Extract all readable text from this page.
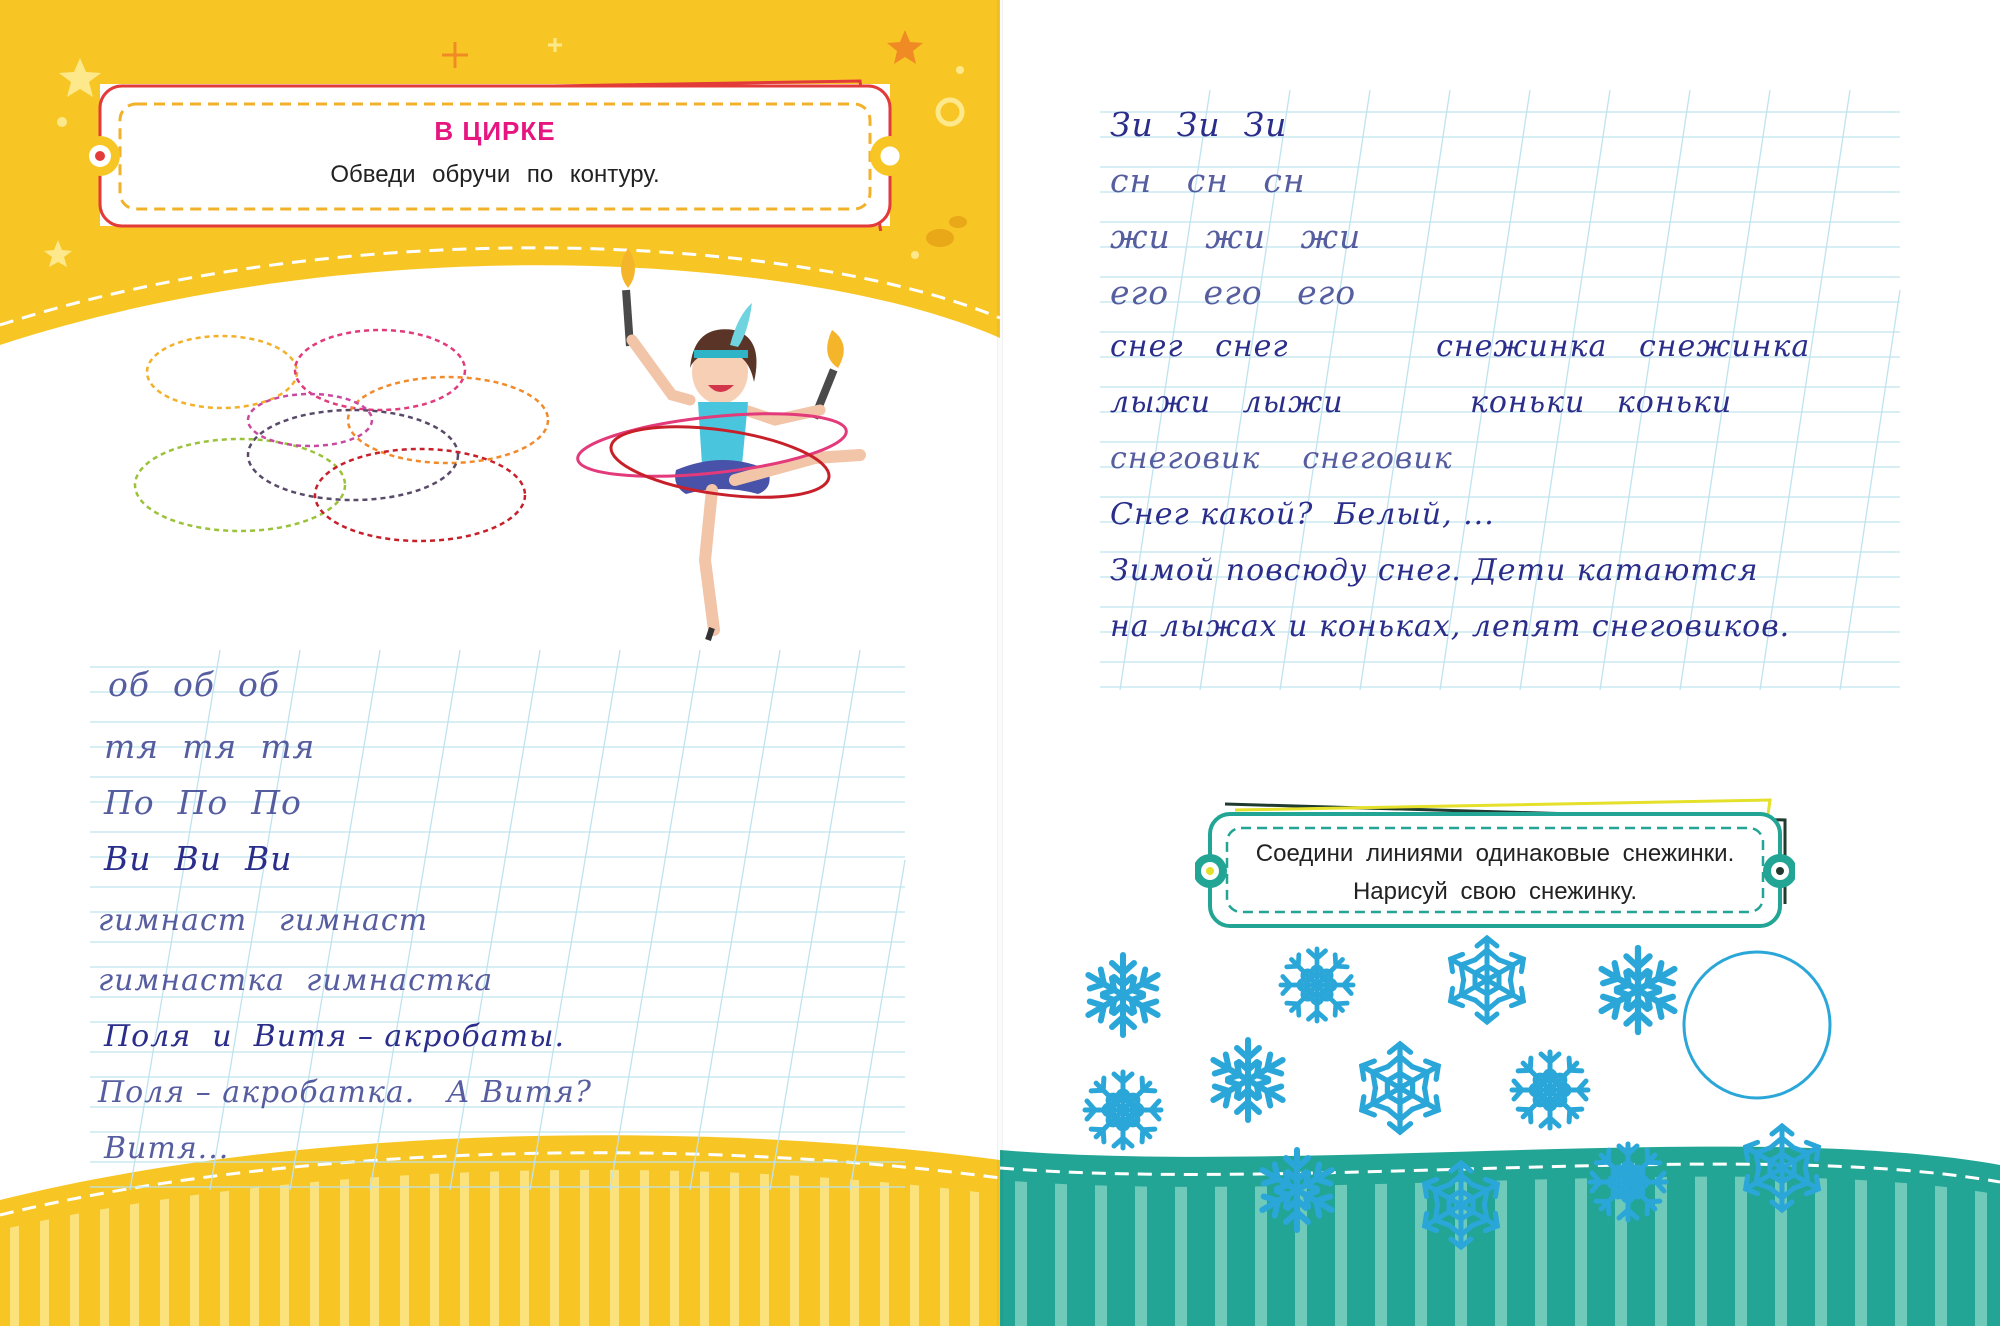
В ЦИРКЕ
Обведи обручи по контуру.
об  об  об
тя  тя  тя
По  По  По
Ви  Ви  Ви
гимнаст   гимнаст
гимнастка  гимнастка
Поля  и  Витя – акробаты.
Поля – акробатка.   А Витя?
Витя...
Соедини линиями одинаковые снежинки.
Нарисуй свою снежинку.
Зи  Зи  Зи
сн   сн   сн
жи   жи   жи
его   его   его
снег   снег              снежинка   снежинка
лыжи   лыжи            коньки   коньки
снеговик    снеговик
Снег какой?  Белый, ...
Зимой повсюду снег. Дети катаются
на лыжах и коньках, лепят снеговиков.
